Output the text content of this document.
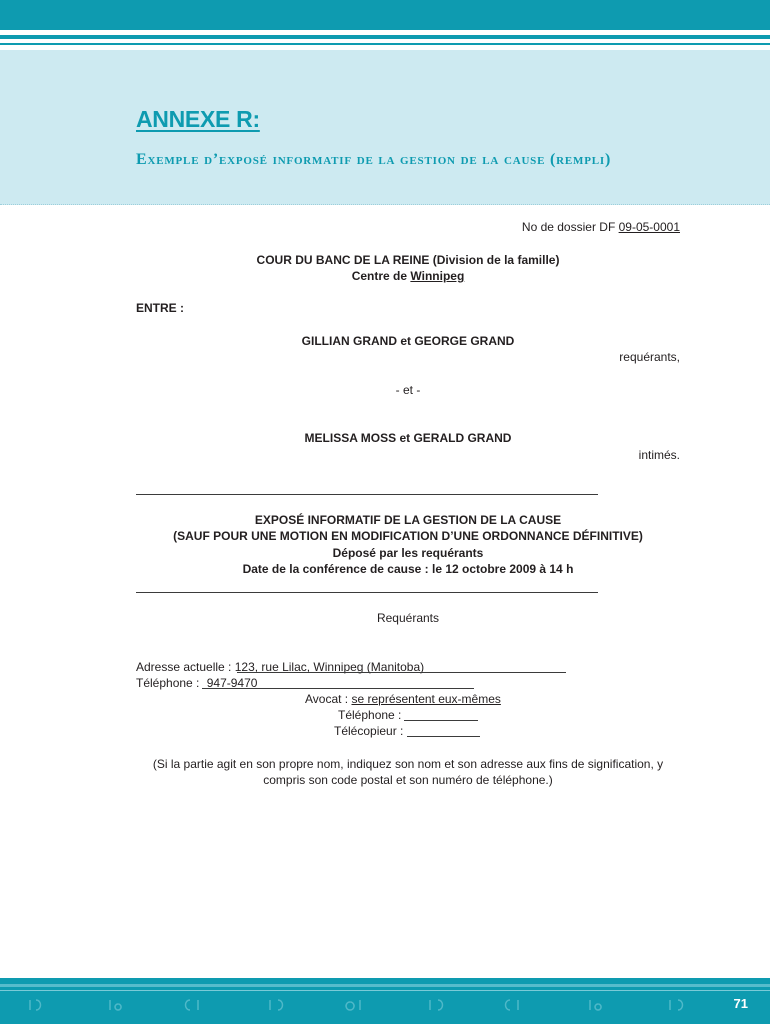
ANNEXE R:
Exemple d’exposé informatif de la gestion de la cause (rempli)
No de dossier DF 09-05-0001
COUR DU BANC DE LA REINE (Division de la famille)
Centre de Winnipeg
ENTRE :
GILLIAN GRAND et GEORGE GRAND
requérants,
- et -
MELISSA MOSS et GERALD GRAND
intimés.
EXPOSÉ INFORMATIF DE LA GESTION DE LA CAUSE
(SAUF POUR UNE MOTION EN MODIFICATION D’UNE ORDONNANCE DÉFINITIVE)
Déposé par les requérants
Date de la conférence de cause : le 12 octobre 2009 à 14 h
Requérants
Adresse actuelle : 123, rue Lilac, Winnipeg (Manitoba)
Téléphone : 947-9470
Avocat : se représentent eux-mêmes
Téléphone :
Télécopieur :
(Si la partie agit en son propre nom, indiquez son nom et son adresse aux fins de signification, y
compris son code postal et son numéro de téléphone.)
71
